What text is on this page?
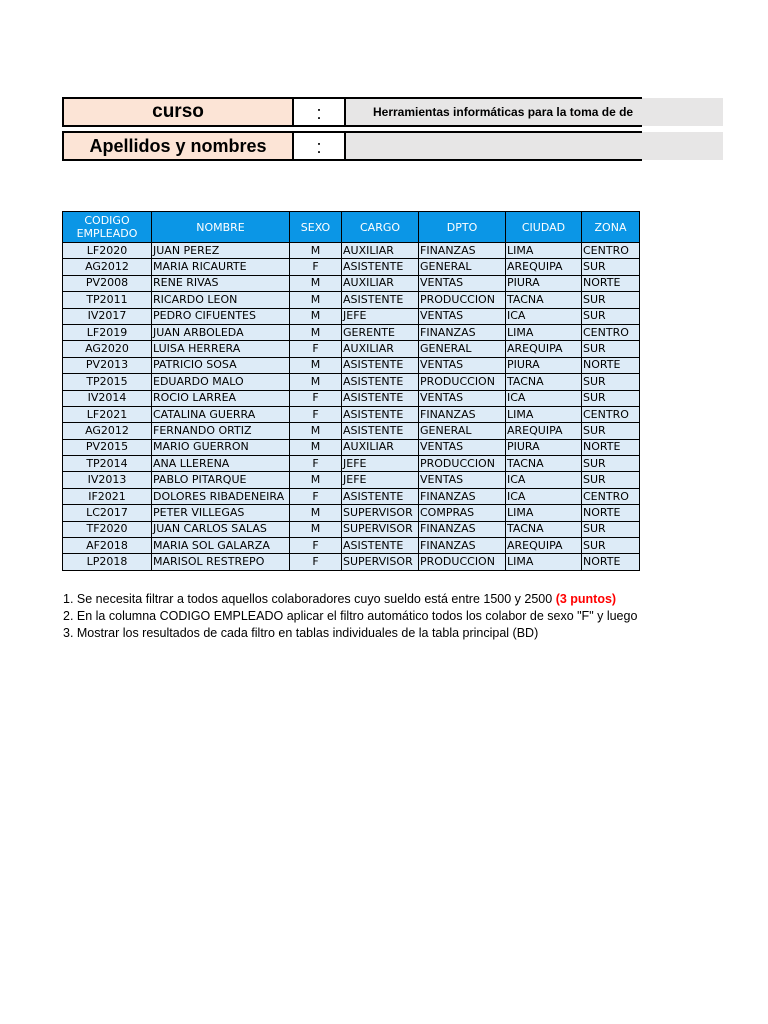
curso	:	Herramientas informáticas para la toma de de
Apellidos y nombres	:
CODIGO EMPLEADO	NOMBRE	SEXO	CARGO	DPTO	CIUDAD	ZONA
LF2020	JUAN PEREZ	M	AUXILIAR	FINANZAS	LIMA	CENTRO
AG2012	MARIA RICAURTE	F	ASISTENTE	GENERAL	AREQUIPA	SUR
PV2008	RENE RIVAS	M	AUXILIAR	VENTAS	PIURA	NORTE
TP2011	RICARDO LEON	M	ASISTENTE	PRODUCCION	TACNA	SUR
IV2017	PEDRO CIFUENTES	M	JEFE	VENTAS	ICA	SUR
LF2019	JUAN ARBOLEDA	M	GERENTE	FINANZAS	LIMA	CENTRO
AG2020	LUISA HERRERA	F	AUXILIAR	GENERAL	AREQUIPA	SUR
PV2013	PATRICIO SOSA	M	ASISTENTE	VENTAS	PIURA	NORTE
TP2015	EDUARDO MALO	M	ASISTENTE	PRODUCCION	TACNA	SUR
IV2014	ROCIO LARREA	F	ASISTENTE	VENTAS	ICA	SUR
LF2021	CATALINA GUERRA	F	ASISTENTE	FINANZAS	LIMA	CENTRO
AG2012	FERNANDO ORTIZ	M	ASISTENTE	GENERAL	AREQUIPA	SUR
PV2015	MARIO GUERRON	M	AUXILIAR	VENTAS	PIURA	NORTE
TP2014	ANA LLERENA	F	JEFE	PRODUCCION	TACNA	SUR
IV2013	PABLO PITARQUE	M	JEFE	VENTAS	ICA	SUR
IF2021	DOLORES RIBADENEIRA	F	ASISTENTE	FINANZAS	ICA	CENTRO
LC2017	PETER VILLEGAS	M	SUPERVISOR	COMPRAS	LIMA	NORTE
TF2020	JUAN CARLOS SALAS	M	SUPERVISOR	FINANZAS	TACNA	SUR
AF2018	MARIA SOL GALARZA	F	ASISTENTE	FINANZAS	AREQUIPA	SUR
LP2018	MARISOL RESTREPO	F	SUPERVISOR	PRODUCCION	LIMA	NORTE
1. Se necesita filtrar a todos aquellos colaboradores cuyo sueldo está entre 1500 y 2500 (3 puntos)
2. En la columna CODIGO EMPLEADO aplicar el filtro automático todos los colabor de sexo "F" y luego
3. Mostrar los resultados de cada filtro en tablas individuales de la tabla principal (BD)
